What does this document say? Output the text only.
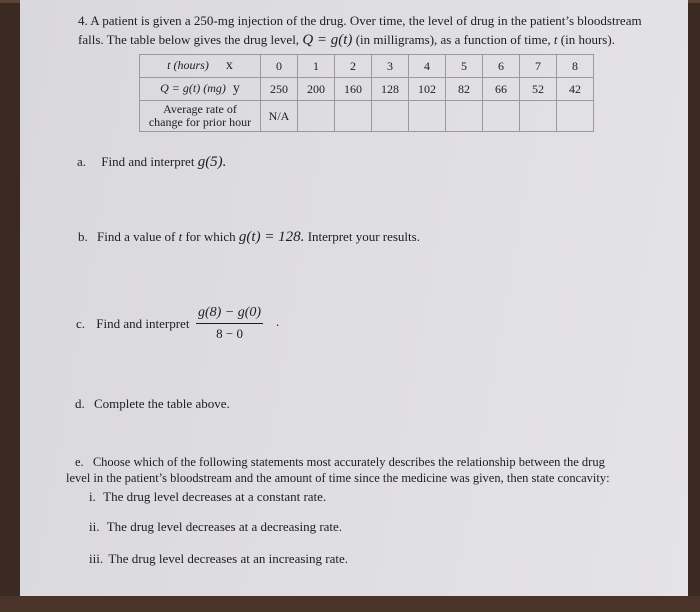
4. A patient is given a 250-mg injection of the drug. Over time, the level of drug in the patient’s bloodstream
falls. The table below gives the drug level, Q = g(t) (in milligrams), as a function of time, t (in hours).
t (hours) x	0	1	2	3	4	5	6	7	8
Q = g(t) (mg) y	250	200	160	128	102	82	66	52	42
Average rate of
change for prior hour	N/A								
a. Find and interpret g(5).
b. Find a value of t for which g(t) = 128. Interpret your results.
c. Find and interpret $\frac{g(8) - g(0)}{8 - 0}$ .
d. Complete the table above.
e. Choose which of the following statements most accurately describes the relationship between the drug
level in the patient’s bloodstream and the amount of time since the medicine was given, then state concavity:
i. The drug level decreases at a constant rate.
ii. The drug level decreases at a decreasing rate.
iii. The drug level decreases at an increasing rate.
